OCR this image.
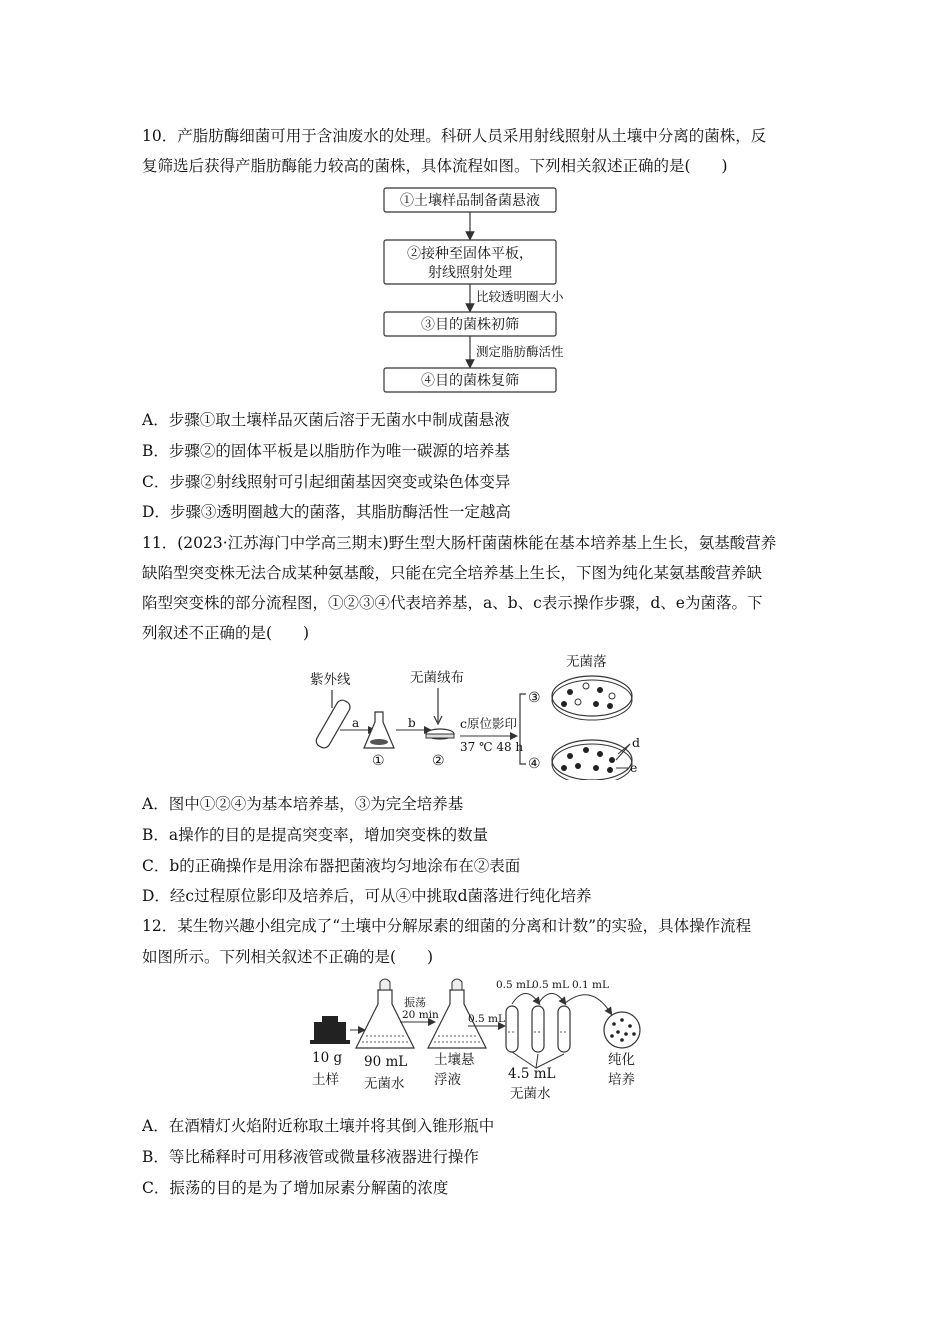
10．产脂肪酶细菌可用于含油废水的处理。科研人员采用射线照射从土壤中分离的菌株，反
复筛选后获得产脂肪酶能力较高的菌株，具体流程如图。下列相关叙述正确的是(　　)
①土壤样品制备菌悬液
②接种至固体平板，
射线照射处理
比较透明圈大小
③目的菌株初筛
测定脂肪酶活性
④目的菌株复筛
A．步骤①取土壤样品灭菌后溶于无菌水中制成菌悬液
B．步骤②的固体平板是以脂肪作为唯一碳源的培养基
C．步骤②射线照射可引起细菌基因突变或染色体变异
D．步骤③透明圈越大的菌落，其脂肪酶活性一定越高
11．(2023·江苏海门中学高三期末)野生型大肠杆菌菌株能在基本培养基上生长，氨基酸营养
缺陷型突变株无法合成某种氨基酸，只能在完全培养基上生长，下图为纯化某氨基酸营养缺
陷型突变株的部分流程图，①②③④代表培养基，a、b、c表示操作步骤，d、e为菌落。下
列叙述不正确的是(　　)
紫外线
a
①
b
无菌绒布
②
c原位影印
37 ℃ 48 h
③
无菌落
④
d
e
A．图中①②④为基本培养基，③为完全培养基
B．a操作的目的是提高突变率，增加突变株的数量
C．b的正确操作是用涂布器把菌液均匀地涂布在②表面
D．经c过程原位影印及培养后，可从④中挑取d菌落进行纯化培养
12．某生物兴趣小组完成了“土壤中分解尿素的细菌的分离和计数”的实验，具体操作流程
如图所示。下列相关叙述不正确的是(　　)
10 g
土样
90 mL
无菌水
振荡
20 min
土壤悬
浮液
0.5 mL
0.5 mL 0.5 mL 0.1 mL
4.5 mL
无菌水
纯化
培养
A．在酒精灯火焰附近称取土壤并将其倒入锥形瓶中
B．等比稀释时可用移液管或微量移液器进行操作
C．振荡的目的是为了增加尿素分解菌的浓度
